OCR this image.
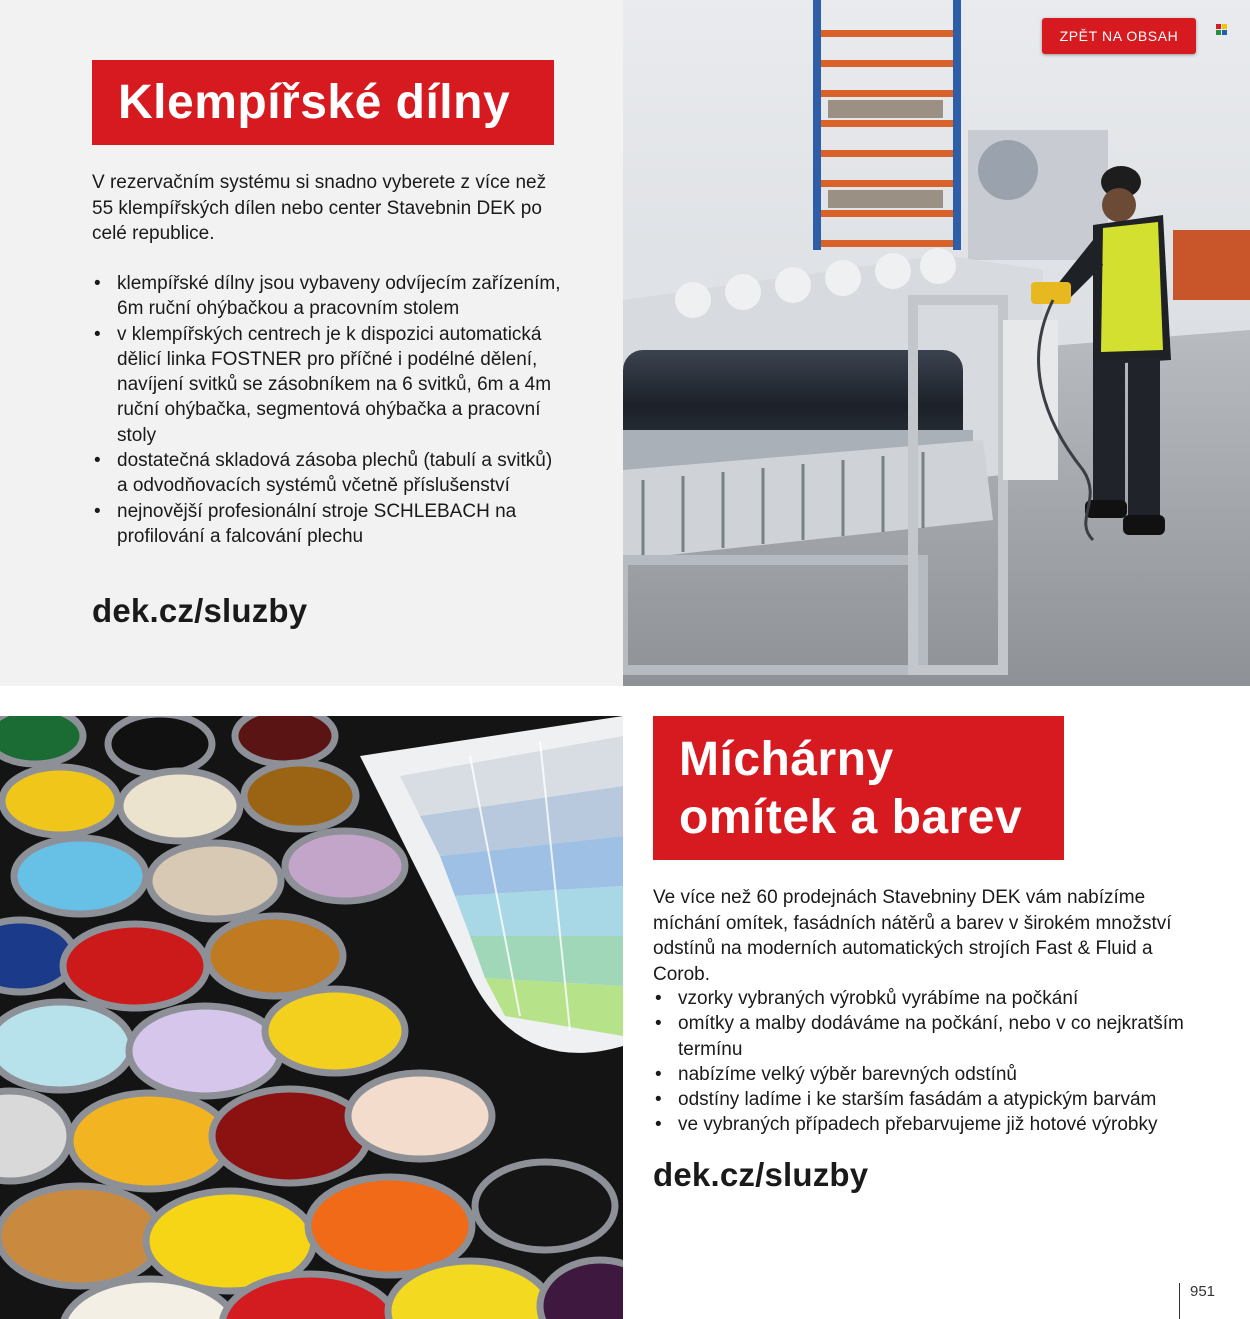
Klempířské dílny

V rezervačním systému si snadno vyberete z více než 55 klempířských dílen nebo center Stavebnin DEK po celé republice.

• klempířské dílny jsou vybaveny odvíjecím zařízením, 6m ruční ohýbačkou a pracovním stolem
• v klempířských centrech je k dispozici automatická dělicí linka FOSTNER pro příčné i podélné dělení, navíjení svitků se zásobníkem na 6 svitků, 6m a 4m ruční ohýbačka, segmentová ohýbačka a pracovní stoly
• dostatečná skladová zásoba plechů (tabulí a svitků) a odvodňovacích systémů včetně příslušenství
• nejnovější profesionální stroje SCHLEBACH na profilování a falcování plechu
dek.cz/sluzby
ZPĚT NA OBSAH
Míchárny
omítek a barev

Ve více než 60 prodejnách Stavebniny DEK vám nabízíme míchání omítek, fasádních nátěrů a barev v širokém množství odstínů na moderních automatických strojích Fast & Fluid a Corob.

• vzorky vybraných výrobků vyrábíme na počkání
• omítky a malby dodáváme na počkání, nebo v co nejkratším termínu
• nabízíme velký výběr barevných odstínů
• odstíny ladíme i ke starším fasádám a atypickým barvám
• ve vybraných případech přebarvujeme již hotové výrobky
dek.cz/sluzby
951
